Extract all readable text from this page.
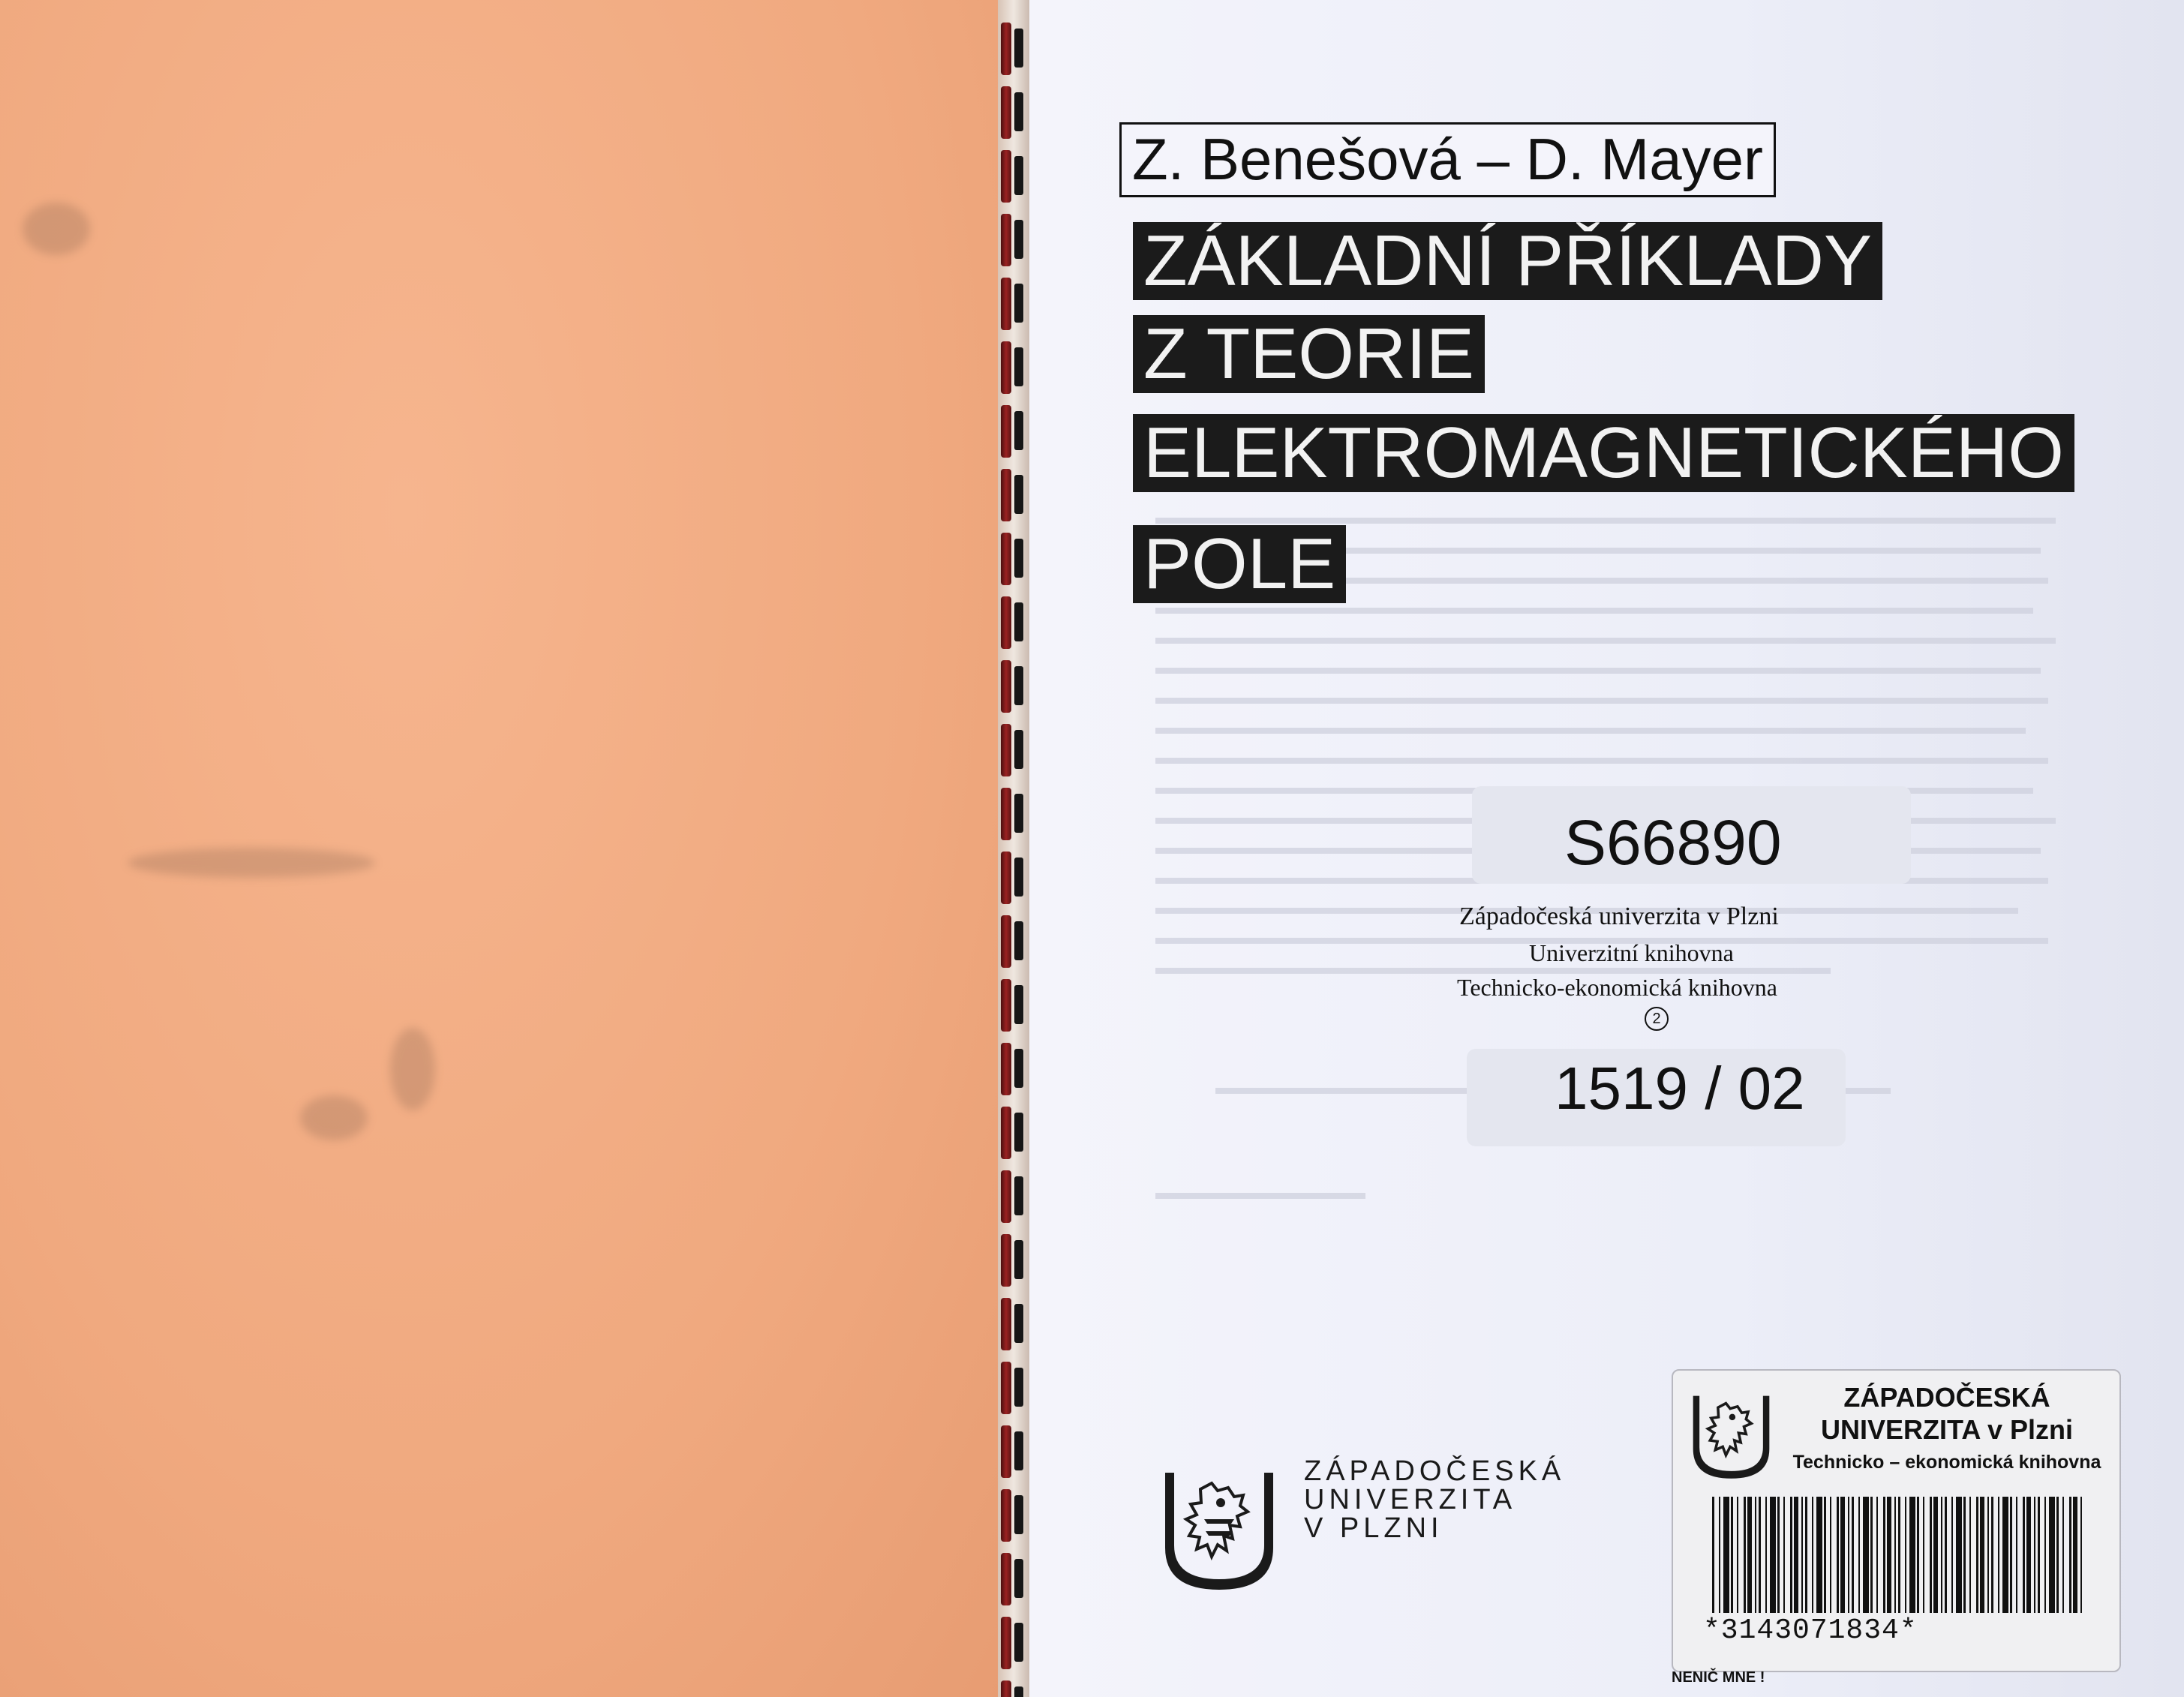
Z. Benešová – D. Mayer
ZÁKLADNÍ PŘÍKLADY
Z TEORIE
ELEKTROMAGNETICKÉHO
POLE
S66890
Západočeská univerzita v Plzni
Univerzitní knihovna
Technicko-ekonomická knihovna
2
1519 / 02
ZÁPADOČESKÁ
UNIVERZITA
V PLZNI
ZÁPADOČESKÁ
UNIVERZITA v Plzni
Technicko – ekonomická knihovna
*3143071834*
NENIČ MNE !
